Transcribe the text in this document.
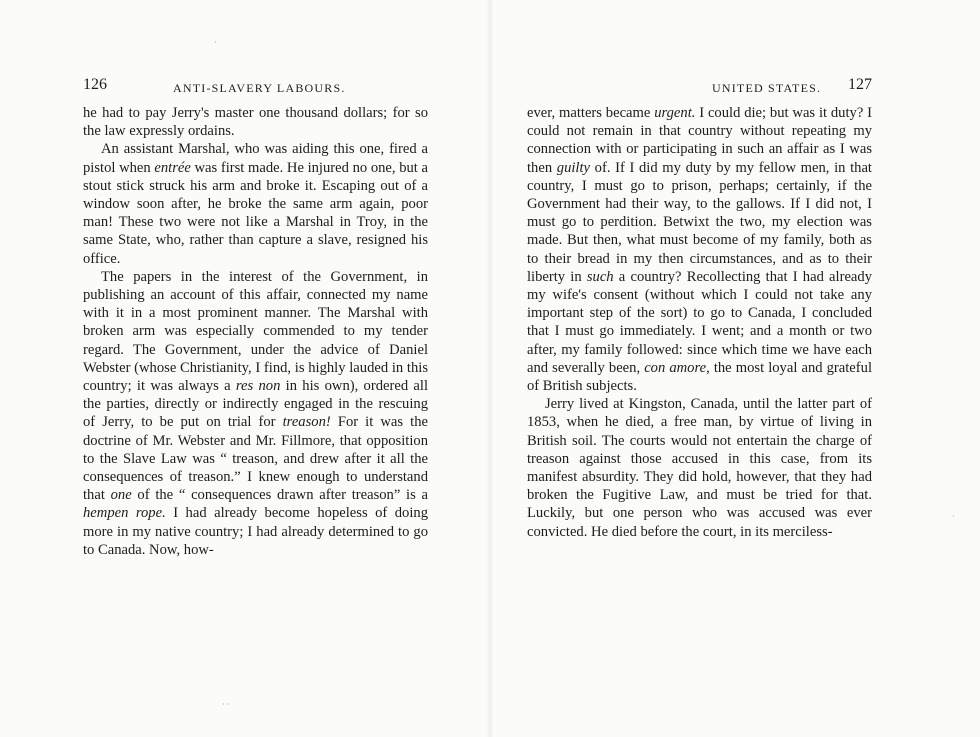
·
·
· ·
126	ANTI-SLAVERY LABOURS.

he had to pay Jerry's master one thousand dollars; for so the law expressly ordains.

An assistant Marshal, who was aiding this one, fired a pistol when entrée was first made. He injured no one, but a stout stick struck his arm and broke it. Escaping out of a window soon after, he broke the same arm again, poor man! These two were not like a Marshal in Troy, in the same State, who, rather than capture a slave, resigned his office.

The papers in the interest of the Government, in publishing an account of this affair, connected my name with it in a most prominent manner. The Marshal with broken arm was especially commended to my tender regard. The Government, under the advice of Daniel Webster (whose Christianity, I find, is highly lauded in this country; it was always a res non in his own), ordered all the parties, directly or indirectly engaged in the rescuing of Jerry, to be put on trial for treason! For it was the doctrine of Mr. Webster and Mr. Fillmore, that opposition to the Slave Law was “ treason, and drew after it all the consequences of treason.” I knew enough to understand that one of the “ consequences drawn after treason” is a hempen rope. I had already become hopeless of doing more in my native country; I had already determined to go to Canada. Now, how-

UNITED STATES. 127

ever, matters became urgent. I could die; but was it duty? I could not remain in that country without repeating my connection with or participating in such an affair as I was then guilty of. If I did my duty by my fellow men, in that country, I must go to prison, perhaps; certainly, if the Government had their way, to the gallows. If I did not, I must go to perdition. Betwixt the two, my election was made. But then, what must become of my family, both as to their bread in my then circumstances, and as to their liberty in such a country? Recollecting that I had already my wife's consent (without which I could not take any important step of the sort) to go to Canada, I concluded that I must go immediately. I went; and a month or two after, my family followed: since which time we have each and severally been, con amore, the most loyal and grateful of British subjects.

Jerry lived at Kingston, Canada, until the latter part of 1853, when he died, a free man, by virtue of living in British soil. The courts would not entertain the charge of treason against those accused in this case, from its manifest absurdity. They did hold, however, that they had broken the Fugitive Law, and must be tried for that. Luckily, but one person who was accused was ever convicted. He died before the court, in its merciless-
